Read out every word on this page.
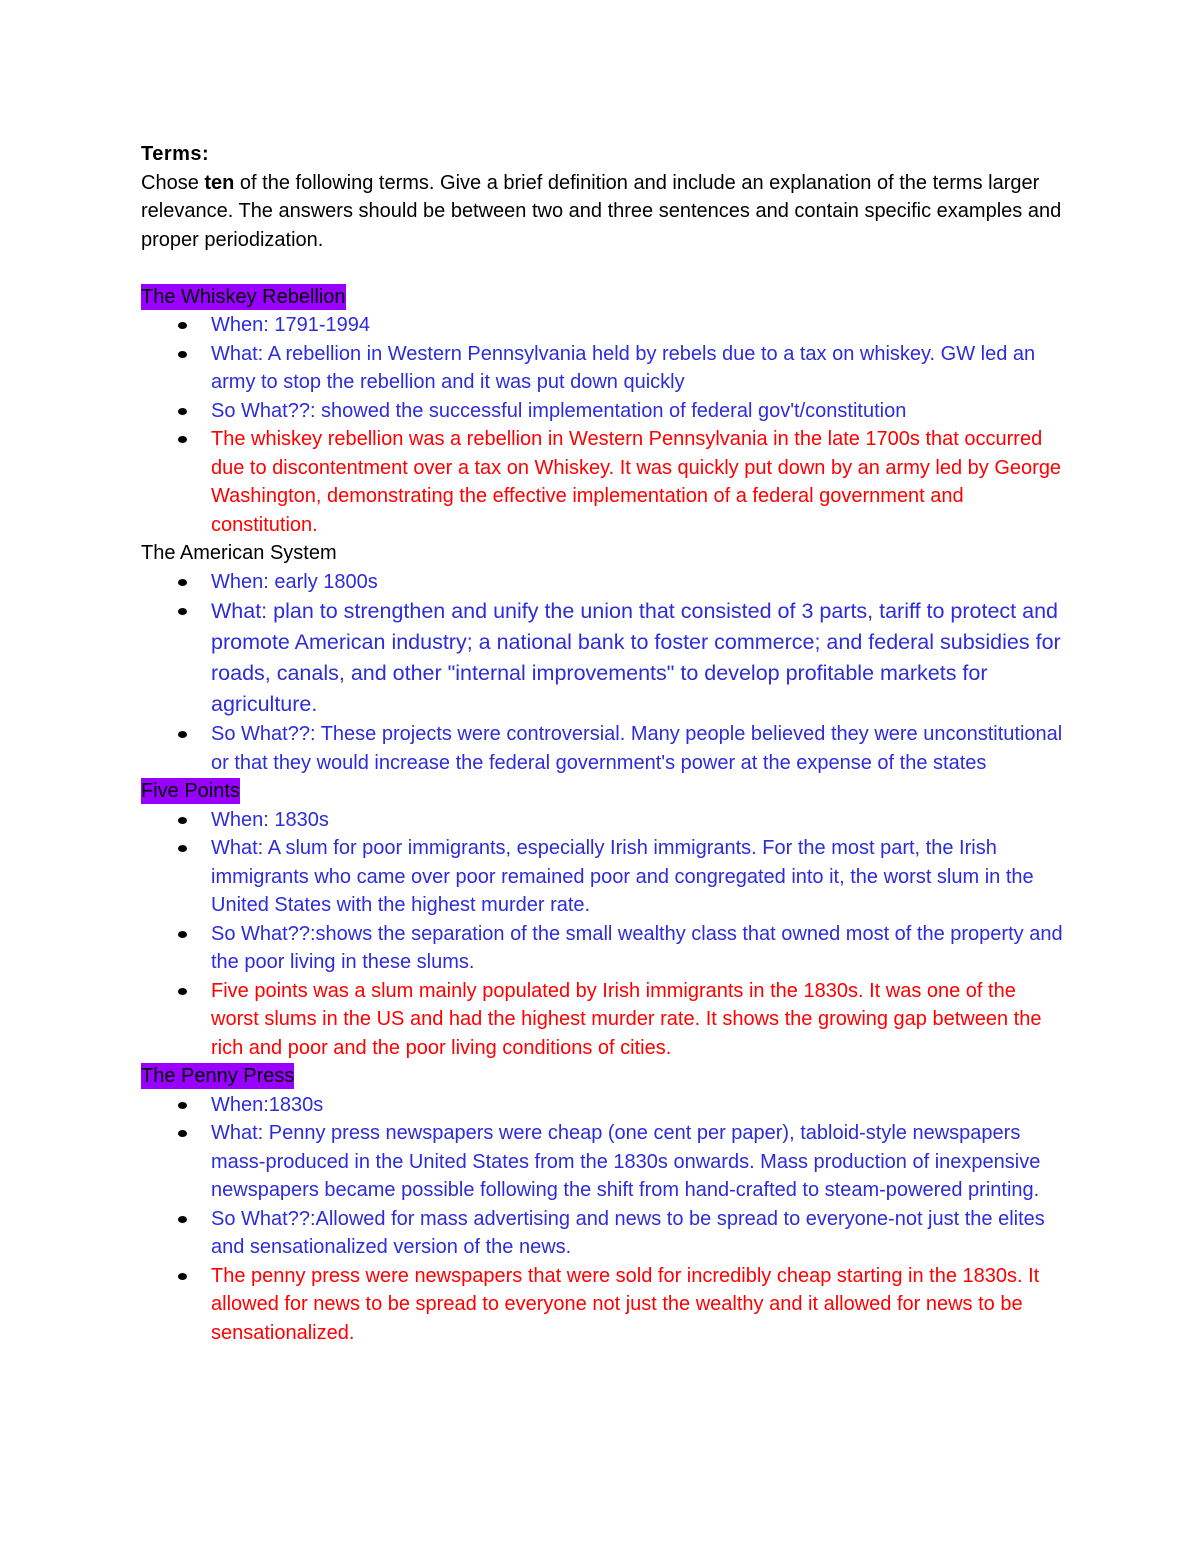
Terms:
Chose ten of the following terms. Give a brief definition and include an explanation of the terms larger relevance. The answers should be between two and three sentences and contain specific examples and proper periodization.
The Whiskey Rebellion
When: 1791-1994
What: A rebellion in Western Pennsylvania held by rebels due to a tax on whiskey. GW led an army to stop the rebellion and it was put down quickly
So What??: showed the successful implementation of federal gov't/constitution
The whiskey rebellion was a rebellion in Western Pennsylvania in the late 1700s that occurred due to discontentment over a tax on Whiskey. It was quickly put down by an army led by George Washington, demonstrating the effective implementation of a federal government and constitution.
The American System
When: early 1800s
What: plan to strengthen and unify the union that consisted of 3 parts, tariff to protect and promote American industry; a national bank to foster commerce; and federal subsidies for roads, canals, and other "internal improvements" to develop profitable markets for agriculture.
So What??: These projects were controversial. Many people believed they were unconstitutional or that they would increase the federal government's power at the expense of the states
Five Points
When: 1830s
What: A slum for poor immigrants, especially Irish immigrants. For the most part, the Irish immigrants who came over poor remained poor and congregated into it, the worst slum in the United States with the highest murder rate.
So What??:shows the separation of the small wealthy class that owned most of the property and the poor living in these slums.
Five points was a slum mainly populated by Irish immigrants in the 1830s. It was one of the worst slums in the US and had the highest murder rate. It shows the growing gap between the rich and poor and the poor living conditions of cities.
The Penny Press
When:1830s
What: Penny press newspapers were cheap (one cent per paper), tabloid-style newspapers mass-produced in the United States from the 1830s onwards. Mass production of inexpensive newspapers became possible following the shift from hand-crafted to steam-powered printing.
So What??:Allowed for mass advertising and news to be spread to everyone-not just the elites and sensationalized version of the news.
The penny press were newspapers that were sold for incredibly cheap starting in the 1830s. It allowed for news to be spread to everyone not just the wealthy and it allowed for news to be sensationalized.
